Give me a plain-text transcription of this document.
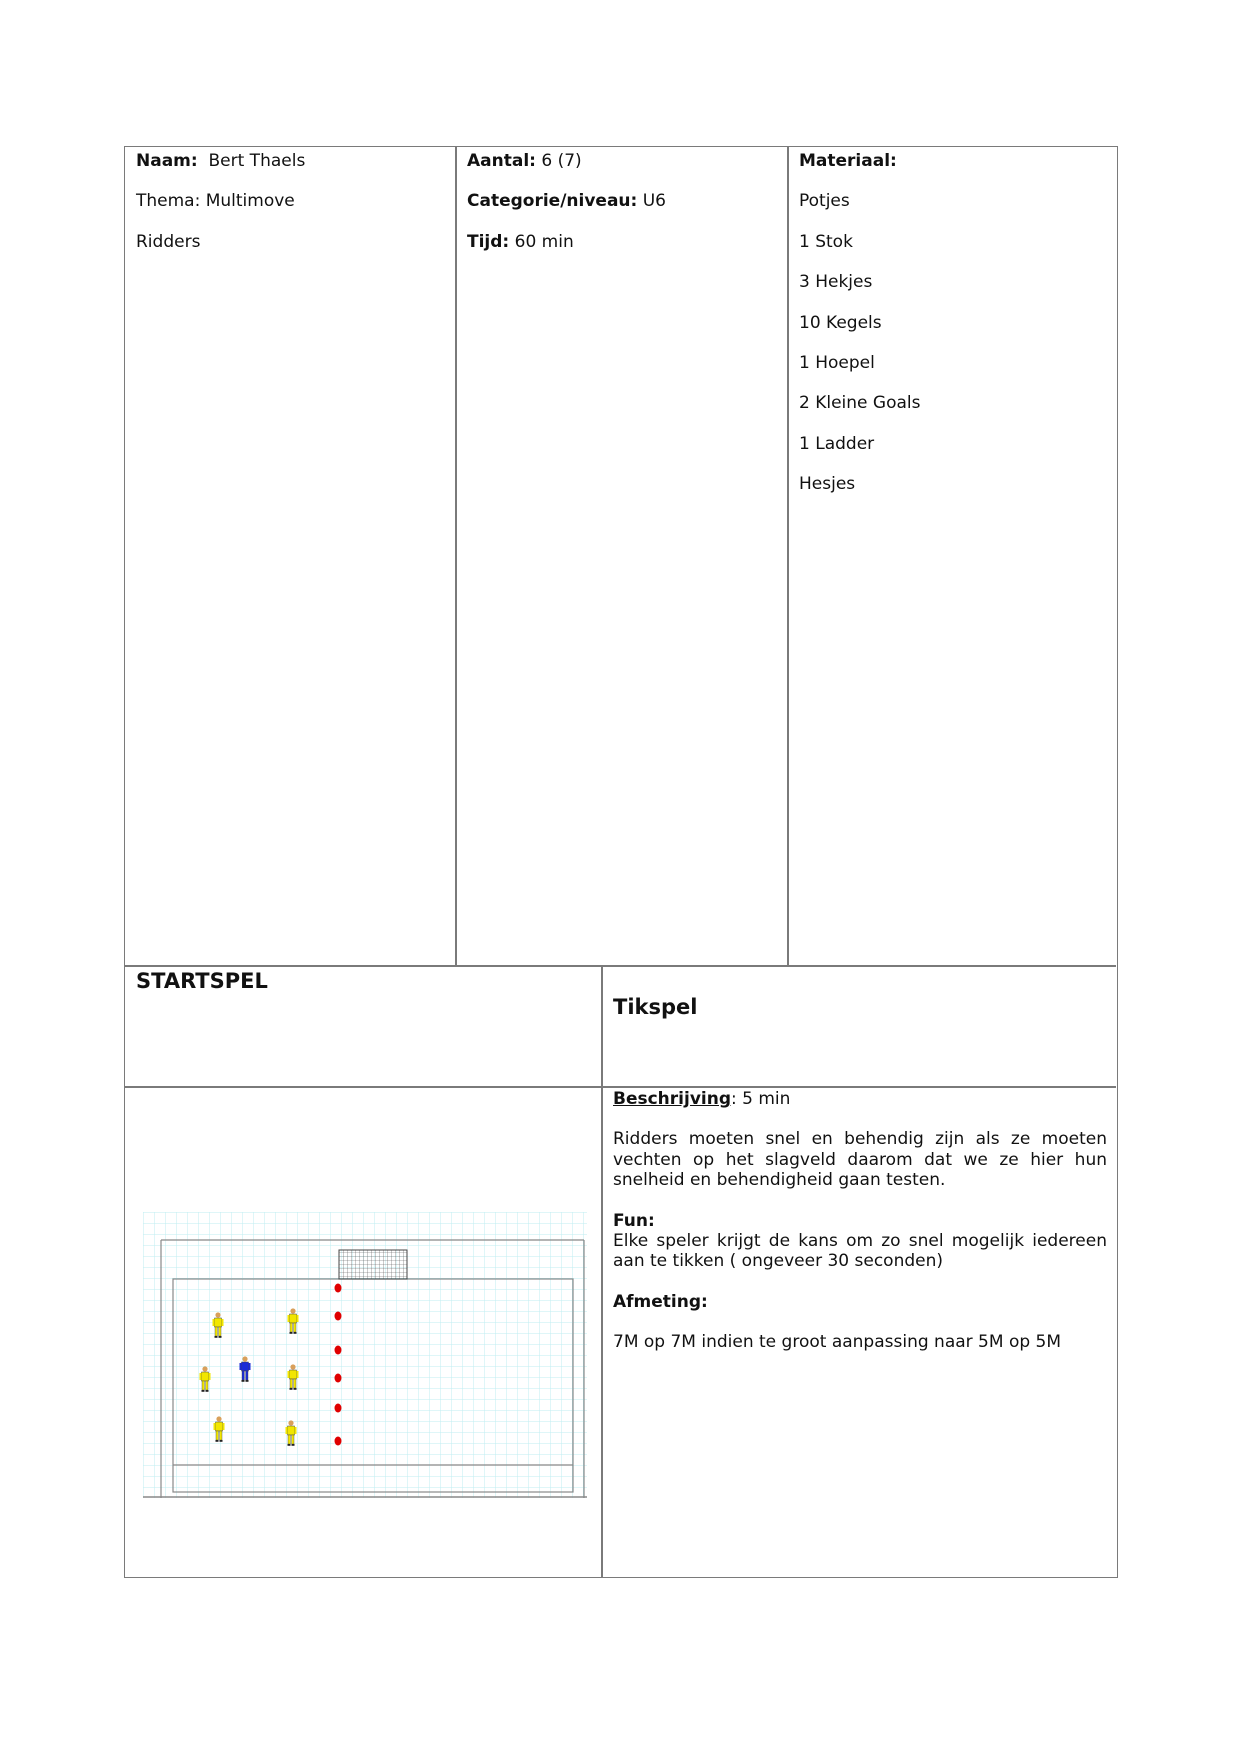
Naam: Bert Thaels

Thema: Multimove

Ridders

Aantal: 6 (7)

Categorie/niveau: U6

Tijd: 60 min

Materiaal:

Potjes

1 Stok

3 Hekjes

10 Kegels

1 Hoepel

2 Kleine Goals

1 Ladder

Hesjes

STARTSPEL

Tikspel

Beschrijving: 5 min

Ridders moeten snel en behendig zijn als ze moeten vechten op het slagveld daarom dat we ze hier hun snelheid en behendigheid gaan testen.

Fun:

Elke speler krijgt de kans om zo snel mogelijk iedereen aan te tikken ( ongeveer 30 seconden)

Afmeting:

7M op 7M indien te groot aanpassing naar 5M op 5M
